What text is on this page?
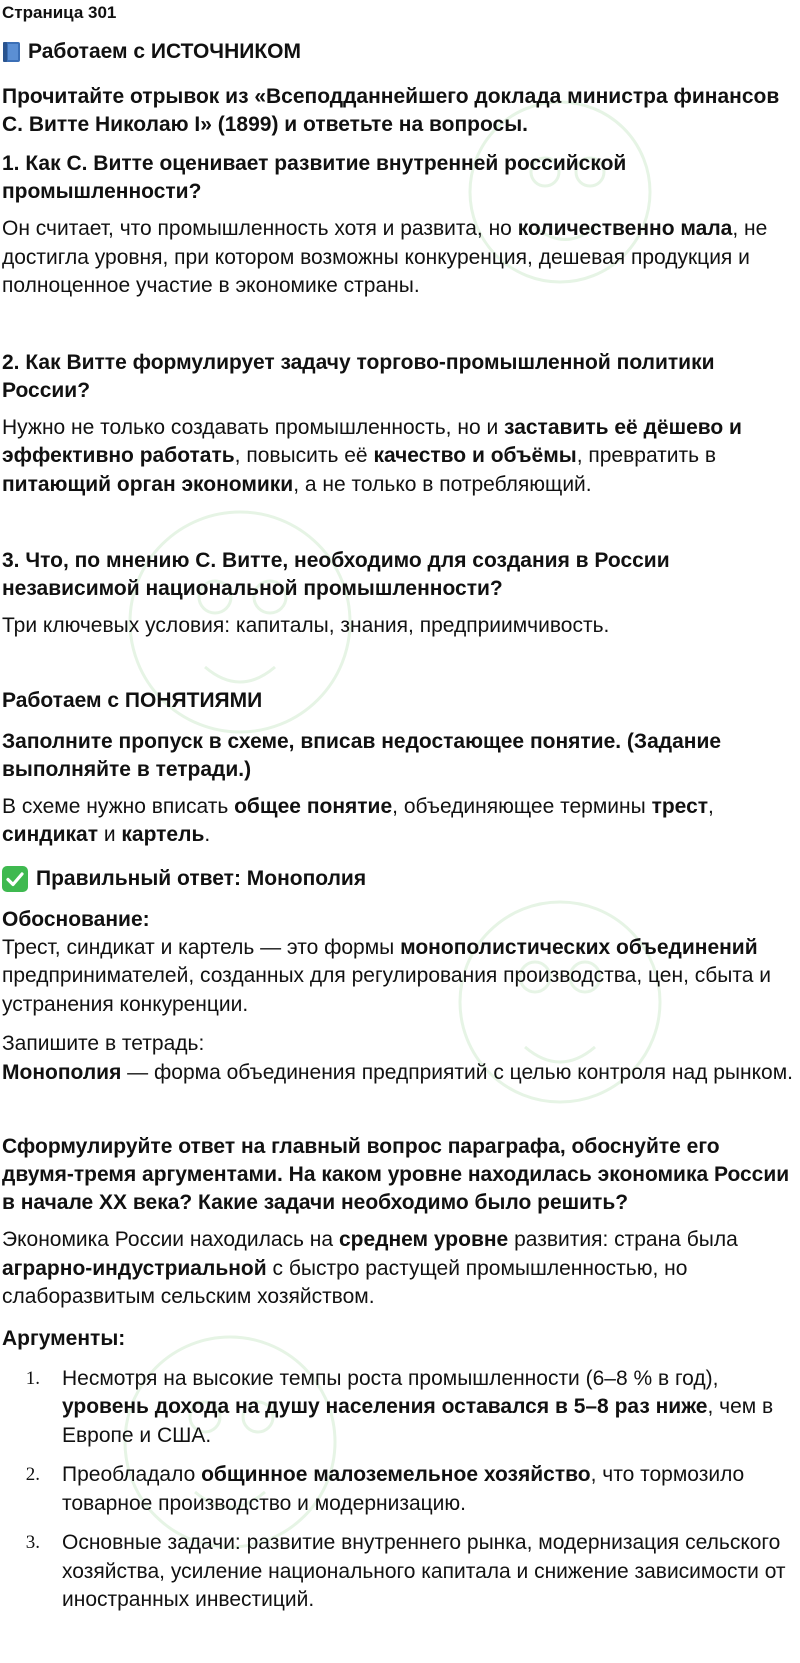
Страница 301

Работаем с ИСТОЧНИКОМ

Прочитайте отрывок из «Всеподданнейшего доклада министра финансов С. Витте Николаю I» (1899) и ответьте на вопросы.

1. Как С. Витте оценивает развитие внутренней российской промышленности?

Он считает, что промышленность хотя и развита, но количественно мала, не достигла уровня, при котором возможны конкуренция, дешевая продукция и полноценное участие в экономике страны.

2. Как Витте формулирует задачу торгово-промышленной политики России?

Нужно не только создавать промышленность, но и заставить её дёшево и эффективно работать, повысить её качество и объёмы, превратить в питающий орган экономики, а не только в потребляющий.

3. Что, по мнению С. Витте, необходимо для создания в России независимой национальной промышленности?

Три ключевых условия: капиталы, знания, предприимчивость.

Работаем с ПОНЯТИЯМИ

Заполните пропуск в схеме, вписав недостающее понятие. (Задание выполняйте в тетради.)

В схеме нужно вписать общее понятие, объединяющее термины трест, синдикат и картель.

Правильный ответ: Монополия

Обоснование:

Трест, синдикат и картель — это формы монополистических объединений предпринимателей, созданных для регулирования производства, цен, сбыта и устранения конкуренции.

Запишите в тетрадь:

Монополия — форма объединения предприятий с целью контроля над рынком.

Сформулируйте ответ на главный вопрос параграфа, обоснуйте его двумя-тремя аргументами. На каком уровне находилась экономика России в начале XX века? Какие задачи необходимо было решить?

Экономика России находилась на среднем уровне развития: страна была аграрно-индустриальной с быстро растущей промышленностью, но слаборазвитым сельским хозяйством.

Аргументы:

1.	Несмотря на высокие темпы роста промышленности (6–8 % в год), уровень дохода на душу населения оставался в 5–8 раз ниже, чем в Европе и США.
2.	Преобладало общинное малоземельное хозяйство, что тормозило товарное производство и модернизацию.
3.	Основные задачи: развитие внутреннего рынка, модернизация сельского хозяйства, усиление национального капитала и снижение зависимости от иностранных инвестиций.
